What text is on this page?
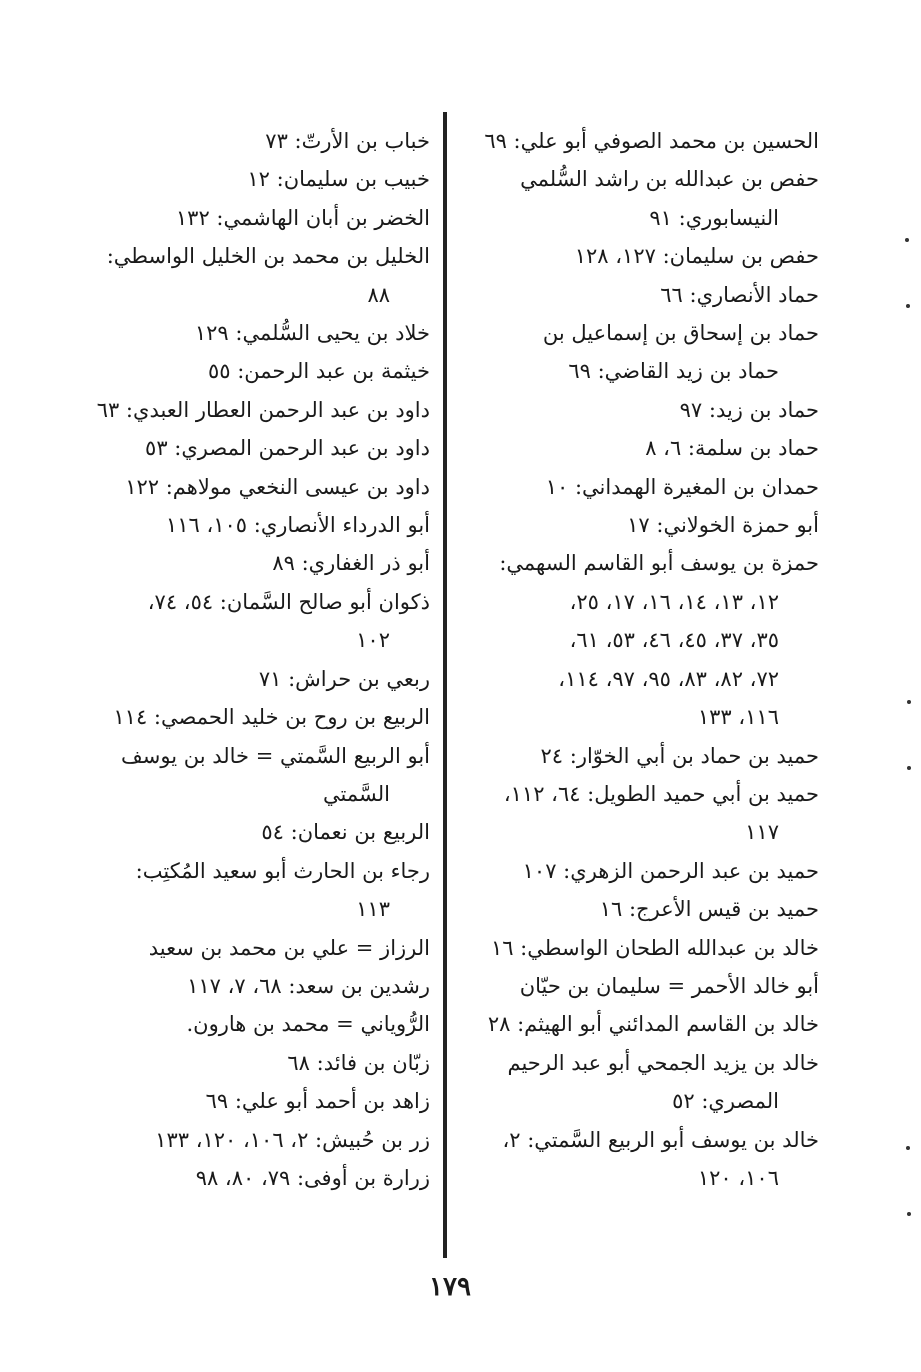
الحسين بن محمد الصوفي أبو علي: ٦٩
حفص بن عبدالله بن راشد السُّلمي
النيسابوري: ٩١
حفص بن سليمان: ١٢٧، ١٢٨
حماد الأنصاري: ٦٦
حماد بن إسحاق بن إسماعيل بن
حماد بن زيد القاضي: ٦٩
حماد بن زيد: ٩٧
حماد بن سلمة: ٦، ٨
حمدان بن المغيرة الهمداني: ١٠
أبو حمزة الخولاني: ١٧
حمزة بن يوسف أبو القاسم السهمي:
١٢، ١٣، ١٤، ١٦، ١٧، ٢٥،
٣٥، ٣٧، ٤٥، ٤٦، ٥٣، ٦١،
٧٢، ٨٢، ٨٣، ٩٥، ٩٧، ١١٤،
١١٦، ١٣٣
حميد بن حماد بن أبي الخوّار: ٢٤
حميد بن أبي حميد الطويل: ٦٤، ١١٢،
١١٧
حميد بن عبد الرحمن الزهري: ١٠٧
حميد بن قيس الأعرج: ١٦
خالد بن عبدالله الطحان الواسطي: ١٦
أبو خالد الأحمر = سليمان بن حيّان
خالد بن القاسم المدائني أبو الهيثم: ٢٨
خالد بن يزيد الجمحي أبو عبد الرحيم
المصري: ٥٢
خالد بن يوسف أبو الربيع السَّمتي: ٢،
١٠٦، ١٢٠
خباب بن الأرتّ: ٧٣
خبيب بن سليمان: ١٢
الخضر بن أبان الهاشمي: ١٣٢
الخليل بن محمد بن الخليل الواسطي:
٨٨
خلاد بن يحيى السُّلمي: ١٢٩
خيثمة بن عبد الرحمن: ٥٥
داود بن عبد الرحمن العطار العبدي: ٦٣
داود بن عبد الرحمن المصري: ٥٣
داود بن عيسى النخعي مولاهم: ١٢٢
أبو الدرداء الأنصاري: ١٠٥، ١١٦
أبو ذر الغفاري: ٨٩
ذكوان أبو صالح السَّمان: ٥٤، ٧٤،
١٠٢
ربعي بن حراش: ٧١
الربيع بن روح بن خليد الحمصي: ١١٤
أبو الربيع السَّمتي = خالد بن يوسف
السَّمتي
الربيع بن نعمان: ٥٤
رجاء بن الحارث أبو سعيد المُكتِب:
١١٣
الرزاز = علي بن محمد بن سعيد
رشدين بن سعد: ٦٨، ٧، ١١٧
الرُّوياني = محمد بن هارون.
زبّان بن فائد: ٦٨
زاهد بن أحمد أبو علي: ٦٩
زر بن حُبيش: ٢، ١٠٦، ١٢٠، ١٣٣
زرارة بن أوفى: ٧٩، ٨٠، ٩٨
١٧٩
